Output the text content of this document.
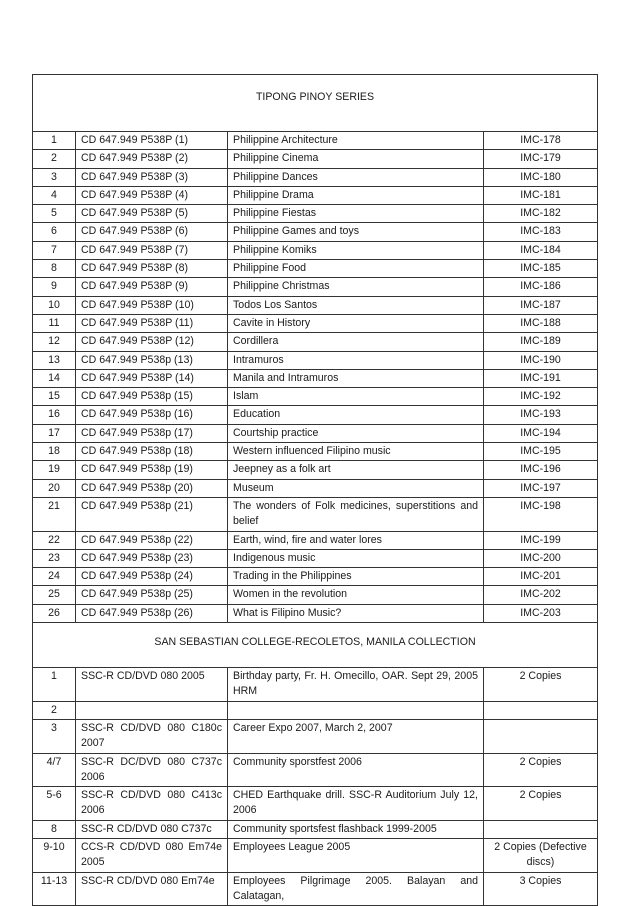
TIPONG PINOY SERIES			

1	CD 647.949 P538P (1)	Philippine Architecture	IMC-178
2	CD 647.949 P538P (2)	Philippine Cinema	IMC-179
3	CD 647.949 P538P (3)	Philippine Dances	IMC-180
4	CD 647.949 P538P (4)	Philippine Drama	IMC-181
5	CD 647.949 P538P (5)	Philippine Fiestas	IMC-182
6	CD 647.949 P538P (6)	Philippine Games and toys	IMC-183
7	CD 647.949 P538P (7)	Philippine Komiks	IMC-184
8	CD 647.949 P538P (8)	Philippine Food	IMC-185
9	CD 647.949 P538P (9)	Philippine Christmas	IMC-186
10	CD 647.949 P538P (10)	Todos Los Santos	IMC-187
11	CD 647.949 P538P (11)	Cavite in History	IMC-188
12	CD 647.949 P538P (12)	Cordillera	IMC-189
13	CD 647.949 P538p (13)	Intramuros	IMC-190
14	CD 647.949 P538P (14)	Manila and Intramuros	IMC-191
15	CD 647.949 P538p (15)	Islam	IMC-192
16	CD 647.949 P538p (16)	Education	IMC-193
17	CD 647.949 P538p (17)	Courtship practice	IMC-194
18	CD 647.949 P538p (18)	Western influenced Filipino music	IMC-195
19	CD 647.949 P538p (19)	Jeepney as a folk art	IMC-196
20	CD 647.949 P538p (20)	Museum	IMC-197
21	CD 647.949 P538p (21)	The wonders of Folk medicines, superstitions and belief	IMC-198
22	CD 647.949 P538p (22)	Earth, wind, fire and water lores	IMC-199
23	CD 647.949 P538p (23)	Indigenous music	IMC-200
24	CD 647.949 P538p (24)	Trading in the Philippines	IMC-201
25	CD 647.949 P538p (25)	Women in the revolution	IMC-202
26	CD 647.949 P538p (26)	What is Filipino Music?	IMC-203
SAN SEBASTIAN COLLEGE-RECOLETOS, MANILA COLLECTION			
1	SSC-R CD/DVD 080 2005	Birthday party, Fr. H. Omecillo, OAR. Sept 29, 2005 HRM	2 Copies
2			
3	SSC-R CD/DVD 080 C180c 2007	Career Expo 2007, March 2, 2007	
4/7	SSC-R DC/DVD 080 C737c 2006	Community sporstfest 2006	2 Copies
5-6	SSC-R CD/DVD 080 C413c 2006	CHED Earthquake drill. SSC-R Auditorium July 12, 2006	2 Copies
8	SSC-R CD/DVD 080 C737c	Community sportsfest flashback 1999-2005	
9-10	CCS-R CD/DVD 080 Em74e 2005	Employees League 2005	2 Copies (Defective discs)
11-13	SSC-R CD/DVD 080 Em74e	Employees Pilgrimage 2005. Balayan and Calatagan,	3 Copies
